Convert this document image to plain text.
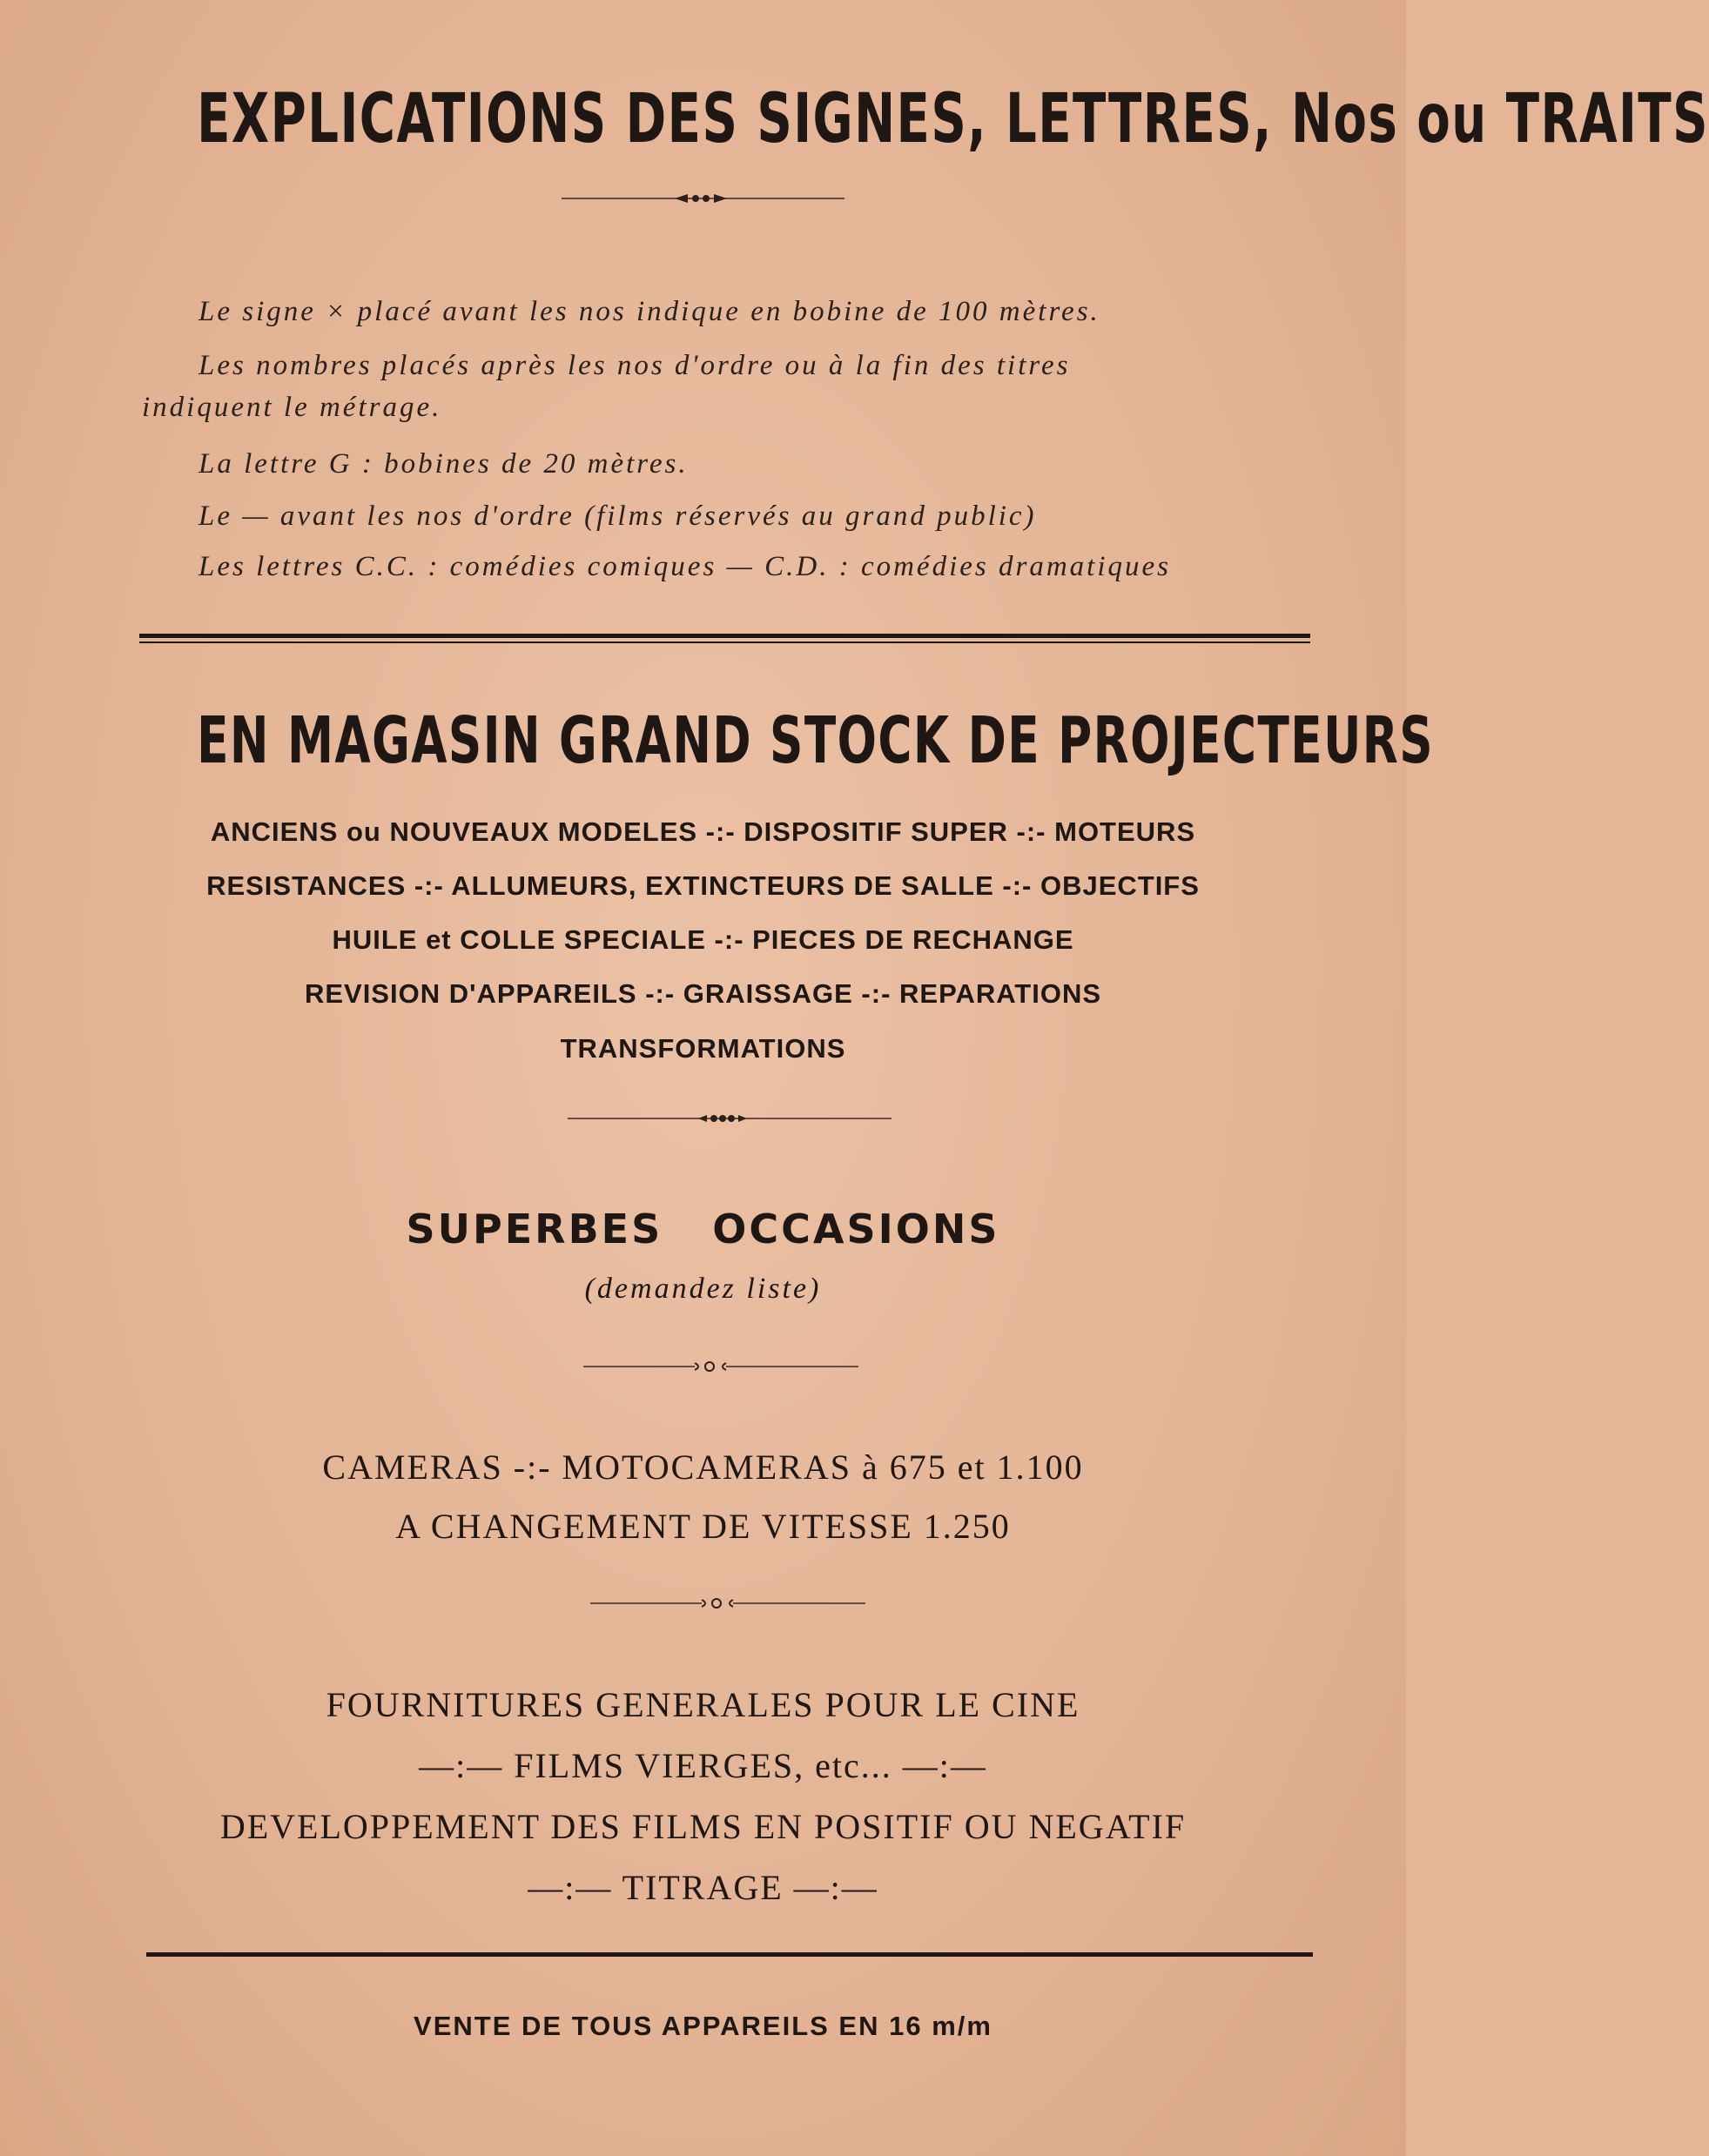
EXPLICATIONS DES SIGNES, LETTRES, Nos ou TRAITS
Le signe × placé avant les nos indique en bobine de 100 mètres.
Les nombres placés après les nos d'ordre ou à la fin des titres
indiquent le métrage.
La lettre G : bobines de 20 mètres.
Le — avant les nos d'ordre (films réservés au grand public)
Les lettres C.C. : comédies comiques — C.D. : comédies dramatiques
EN MAGASIN GRAND STOCK DE PROJECTEURS
ANCIENS ou NOUVEAUX MODELES -:- DISPOSITIF SUPER -:- MOTEURS
RESISTANCES -:- ALLUMEURS, EXTINCTEURS DE SALLE -:- OBJECTIFS
HUILE et COLLE SPECIALE -:- PIECES DE RECHANGE
REVISION D'APPAREILS -:- GRAISSAGE -:- REPARATIONS
TRANSFORMATIONS
SUPERBES   OCCASIONS
(demandez liste)
CAMERAS -:- MOTOCAMERAS à 675 et 1.100
A CHANGEMENT DE VITESSE 1.250
FOURNITURES GENERALES POUR LE CINE
—:— FILMS VIERGES, etc... —:—
DEVELOPPEMENT DES FILMS EN POSITIF OU NEGATIF
—:— TITRAGE —:—
VENTE DE TOUS APPAREILS EN 16 m/m
